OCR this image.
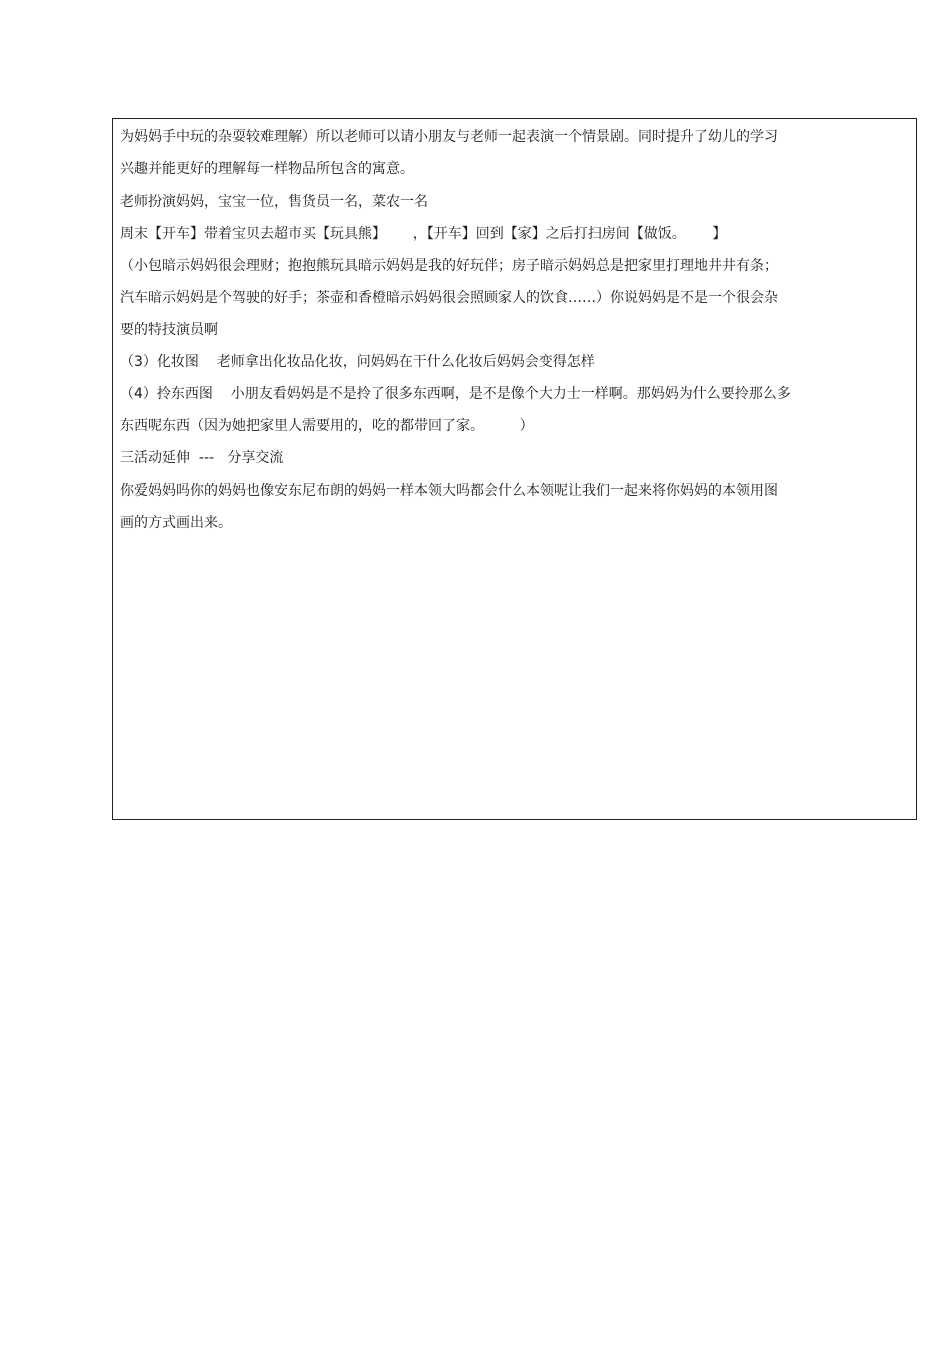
为妈妈手中玩的杂耍较难理解）所以老师可以请小朋友与老师一起表演一个情景剧。同时提升了幼儿的学习

兴趣并能更好的理解每一样物品所包含的寓意。

老师扮演妈妈，宝宝一位，售货员一名，菜农一名

周末【开车】带着宝贝去超市买【玩具熊】      ，【开车】回到【家】之后打扫房间【做饭。      】

（小包暗示妈妈很会理财；抱抱熊玩具暗示妈妈是我的好玩伴；房子暗示妈妈总是把家里打理地井井有条；

汽车暗示妈妈是个驾驶的好手；茶壶和香橙暗示妈妈很会照顾家人的饮食……）你说妈妈是不是一个很会杂

要的特技演员啊

（3）化妆图    老师拿出化妆品化妆，问妈妈在干什么化妆后妈妈会变得怎样

（4）拎东西图    小朋友看妈妈是不是拎了很多东西啊，是不是像个大力士一样啊。那妈妈为什么要拎那么多

东西呢东西（因为她把家里人需要用的，吃的都带回了家。        ）

三活动延伸  ---   分享交流

你爱妈妈吗你的妈妈也像安东尼布朗的妈妈一样本领大吗都会什么本领呢让我们一起来将你妈妈的本领用图

画的方式画出来。
